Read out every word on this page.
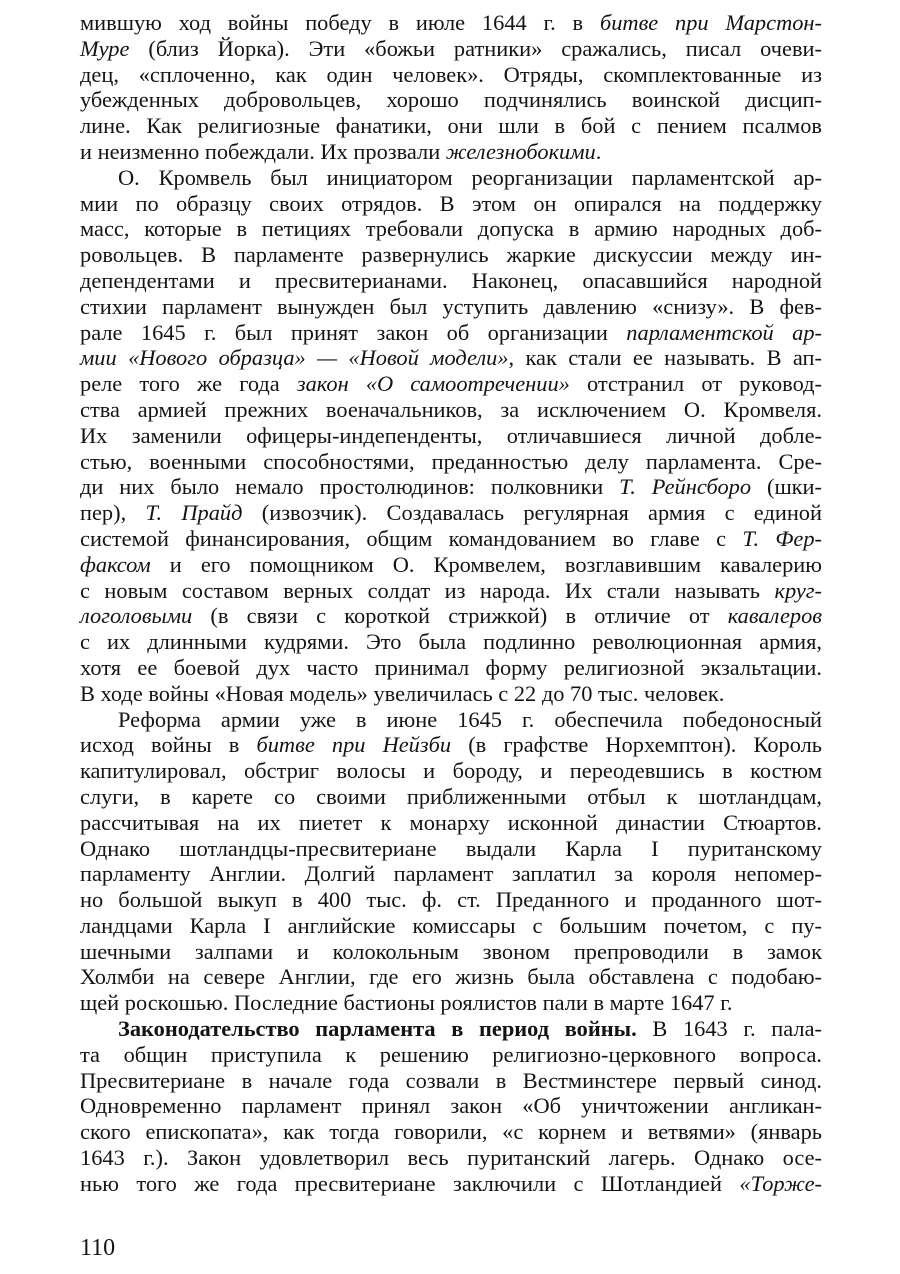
мившую ход войны победу в июле 1644 г. в битве при Марстон-
Муре (близ Йорка). Эти «божьи ратники» сражались, писал очеви-
дец, «сплоченно, как один человек». Отряды, скомплектованные из
убежденных добровольцев, хорошо подчинялись воинской дисцип-
лине. Как религиозные фанатики, они шли в бой с пением псалмов
и неизменно побеждали. Их прозвали железнобокими.
О. Кромвель был инициатором реорганизации парламентской ар-
мии по образцу своих отрядов. В этом он опирался на поддержку
масс, которые в петициях требовали допуска в армию народных доб-
ровольцев. В парламенте развернулись жаркие дискуссии между ин-
депендентами и пресвитерианами. Наконец, опасавшийся народной
стихии парламент вынужден был уступить давлению «снизу». В фев-
рале 1645 г. был принят закон об организации парламентской ар-
мии «Нового образца» — «Новой модели», как стали ее называть. В ап-
реле того же года закон «О самоотречении» отстранил от руковод-
ства армией прежних военачальников, за исключением О. Кромвеля.
Их заменили офицеры-индепенденты, отличавшиеся личной добле-
стью, военными способностями, преданностью делу парламента. Сре-
ди них было немало простолюдинов: полковники Т. Рейнсборо (шки-
пер), Т. Прайд (извозчик). Создавалась регулярная армия с единой
системой финансирования, общим командованием во главе с Т. Фер-
факсом и его помощником О. Кромвелем, возглавившим кавалерию
с новым составом верных солдат из народа. Их стали называть круг-
логоловыми (в связи с короткой стрижкой) в отличие от кавалеров
с их длинными кудрями. Это была подлинно революционная армия,
хотя ее боевой дух часто принимал форму религиозной экзальтации.
В ходе войны «Новая модель» увеличилась с 22 до 70 тыс. человек.
Реформа армии уже в июне 1645 г. обеспечила победоносный
исход войны в битве при Нейзби (в графстве Норхемптон). Король
капитулировал, обстриг волосы и бороду, и переодевшись в костюм
слуги, в карете со своими приближенными отбыл к шотландцам,
рассчитывая на их пиетет к монарху исконной династии Стюартов.
Однако шотландцы-пресвитериане выдали Карла I пуританскому
парламенту Англии. Долгий парламент заплатил за короля непомер-
но большой выкуп в 400 тыс. ф. ст. Преданного и проданного шот-
ландцами Карла I английские комиссары с большим почетом, с пу-
шечными залпами и колокольным звоном препроводили в замок
Холмби на севере Англии, где его жизнь была обставлена с подобаю-
щей роскошью. Последние бастионы роялистов пали в марте 1647 г.
Законодательство парламента в период войны. В 1643 г. пала-
та общин приступила к решению религиозно-церковного вопроса.
Пресвитериане в начале года созвали в Вестминстере первый синод.
Одновременно парламент принял закон «Об уничтожении англикан-
ского епископата», как тогда говорили, «с корнем и ветвями» (январь
1643 г.). Закон удовлетворил весь пуританский лагерь. Однако осе-
нью того же года пресвитериане заключили с Шотландией «Торже-
110
